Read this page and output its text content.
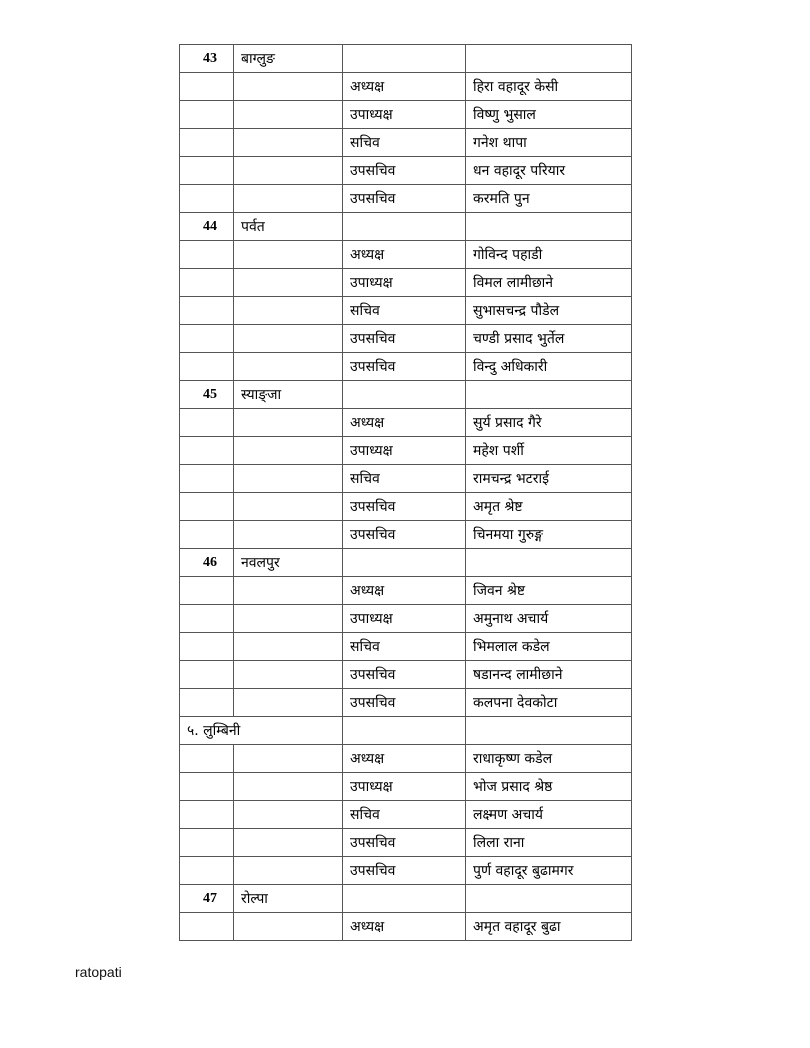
43	बाग्लुङ		
		अध्यक्ष	हिरा वहादूर केसी
		उपाध्यक्ष	विष्णु भुसाल
		सचिव	गनेश थापा
		उपसचिव	धन वहादूर परियार
		उपसचिव	करमति पुन
44	पर्वत		
		अध्यक्ष	गोविन्द पहाडी
		उपाध्यक्ष	विमल लामीछाने
		सचिव	सुभासचन्द्र पौडेल
		उपसचिव	चण्डी प्रसाद भुर्तेल
		उपसचिव	विन्दु अधिकारी
45	स्याङ्जा		
		अध्यक्ष	सुर्य प्रसाद गैरे
		उपाध्यक्ष	महेश पर्शी
		सचिव	रामचन्द्र भटराई
		उपसचिव	अमृत श्रेष्ट
		उपसचिव	चिनमया गुरुङ्ग
46	नवलपुर		
		अध्यक्ष	जिवन श्रेष्ट
		उपाध्यक्ष	अमुनाथ अचार्य
		सचिव	भिमलाल कडेल
		उपसचिव	षडानन्द लामीछाने
		उपसचिव	कलपना देवकोटा
५. लुम्बिनी			
		अध्यक्ष	राधाकृष्ण कडेल
		उपाध्यक्ष	भोज प्रसाद श्रेष्ठ
		सचिव	लक्ष्मण अचार्य
		उपसचिव	लिला राना
		उपसचिव	पुर्ण वहादूर बुढामगर
47	रोल्पा		
		अध्यक्ष	अमृत वहादूर बुढा
ratopati
